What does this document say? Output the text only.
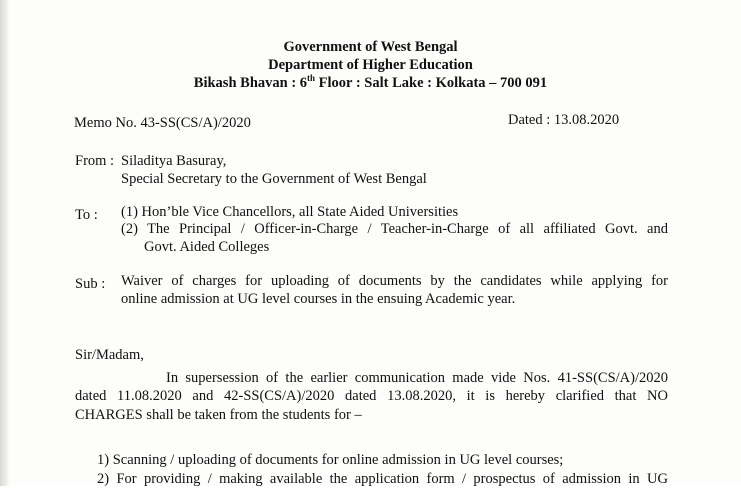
Government of West Bengal
Department of Higher Education
Bikash Bhavan : 6th Floor : Salt Lake : Kolkata – 700 091
Memo No. 43-SS(CS/A)/2020	Dated : 13.08.2020
From : Siladitya Basuray,
Special Secretary to the Government of West Bengal
To : (1) Hon’ble Vice Chancellors, all State Aided Universities
(2) The Principal / Officer-in-Charge / Teacher-in-Charge of all affiliated Govt. and
Govt. Aided Colleges
Sub : Waiver of charges for uploading of documents by the candidates while applying for
online admission at UG level courses in the ensuing Academic year.
Sir/Madam,
In supersession of the earlier communication made vide Nos. 41-SS(CS/A)/2020
dated 11.08.2020 and 42-SS(CS/A)/2020 dated 13.08.2020, it is hereby clarified that NO
CHARGES shall be taken from the students for –
1) Scanning / uploading of documents for online admission in UG level courses;
2) For providing / making available the application form / prospectus of admission in UG
